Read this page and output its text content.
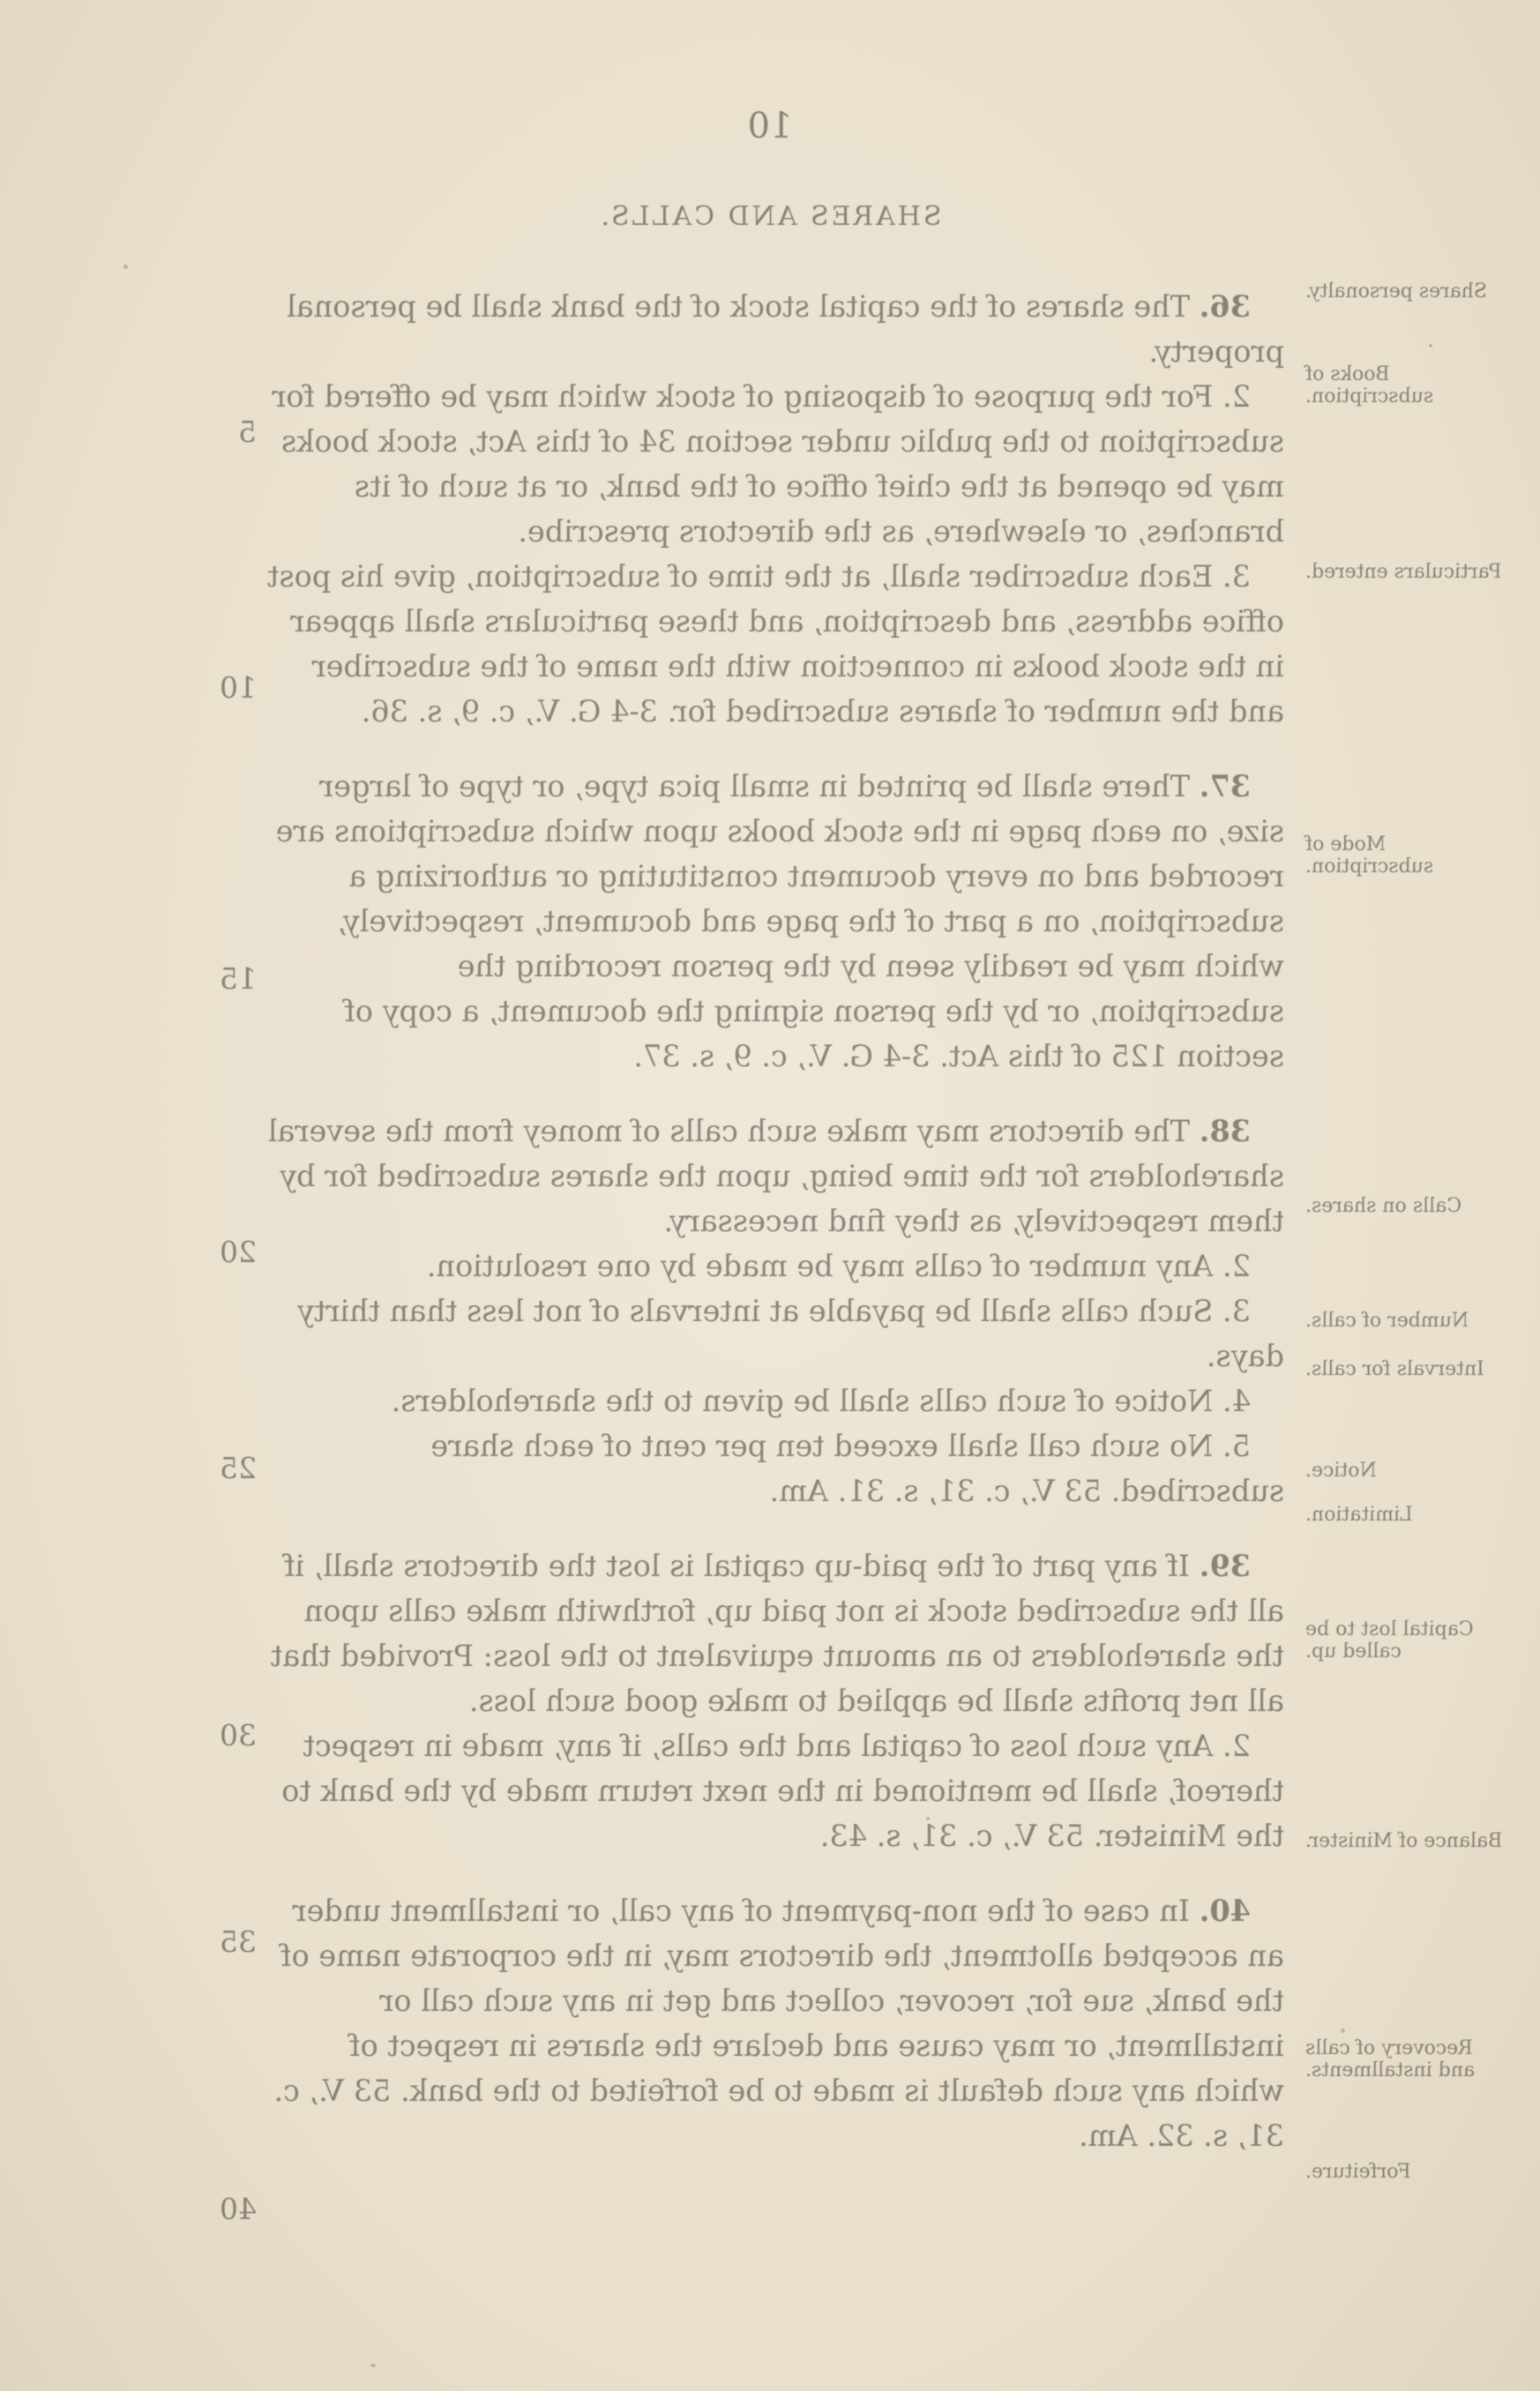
10
SHARES AND CALLS.

36. The shares of the capital stock of the bank shall be personal property.

2. For the purpose of disposing of stock which may be offered for subscription to the public under section 34 of this Act, stock books may be opened at the chief office of the bank, or at such of its branches, or elsewhere, as the directors prescribe.

3. Each subscriber shall, at the time of subscription, give his post office address, and description, and these particulars shall appear in the stock books in connection with the name of the subscriber and the number of shares subscribed for. 3-4 G. V., c. 9, s. 36.

37. There shall be printed in small pica type, or type of larger size, on each page in the stock books upon which subscriptions are recorded and on every document constituting or authorizing a subscription, on a part of the page and document, respectively, which may be readily seen by the person recording the subscription, or by the person signing the document, a copy of section 125 of this Act. 3-4 G. V., c. 9, s. 37.

38. The directors may make such calls of money from the several shareholders for the time being, upon the shares subscribed for by them respectively, as they find necessary.

2. Any number of calls may be made by one resolution.

3. Such calls shall be payable at intervals of not less than thirty days.

4. Notice of such calls shall be given to the shareholders.

5. No such call shall exceed ten per cent of each share subscribed. 53 V., c. 31, s. 31. Am.

39. If any part of the paid-up capital is lost the directors shall, if all the subscribed stock is not paid up, forthwith make calls upon the shareholders to an amount equivalent to the loss: Provided that all net profits shall be applied to make good such loss.

2. Any such loss of capital and the calls, if any, made in respect thereof, shall be mentioned in the next return made by the bank to the Minister. 53 V., c. 31, s. 43.

40. In case of the non-payment of any call, or installment under an accepted allotment, the directors may, in the corporate name of the bank, sue for, recover, collect and get in any such call or installment, or may cause and declare the shares in respect of which any such default is made to be forfeited to the bank. 53 V., c. 31, s. 32. Am.

Shares personalty.
Books of subscription.
Particulars entered.
Mode of subscription.
Calls on shares.
Number of calls.
Intervals for calls.
Notice.
Limitation.
Capital lost to be called up.
Balance of Minister.
Recovery of calls and installments.
Forfeiture.
5
10
15
20
25
30
35
40
